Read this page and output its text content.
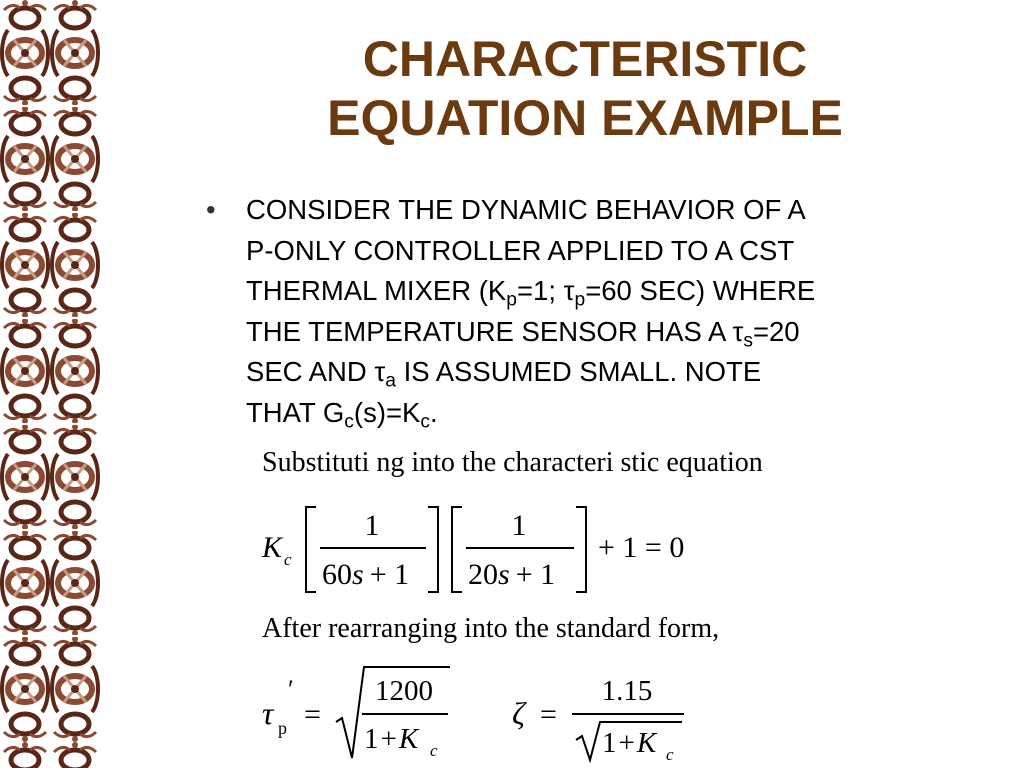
CHARACTERISTIC
EQUATION EXAMPLE
• CONSIDER THE DYNAMIC BEHAVIOR OF A
P-ONLY CONTROLLER APPLIED TO A CST
THERMAL MIXER ($K_p=1$; $\tau_p=60$ SEC) WHERE
THE TEMPERATURE SENSOR HAS A $\tau_s=20$
SEC AND $\tau_a$ IS ASSUMED SMALL. NOTE
THAT $G_c(s)=K_c$.
Substituti ng into the characteri stic equation
After rearranging into the standard form,
K c
1
60s + 1
1
20s + 1
+ 1 = 0
τ
′
p =
1200
1+K c
ζ =
1.15
1+K c
